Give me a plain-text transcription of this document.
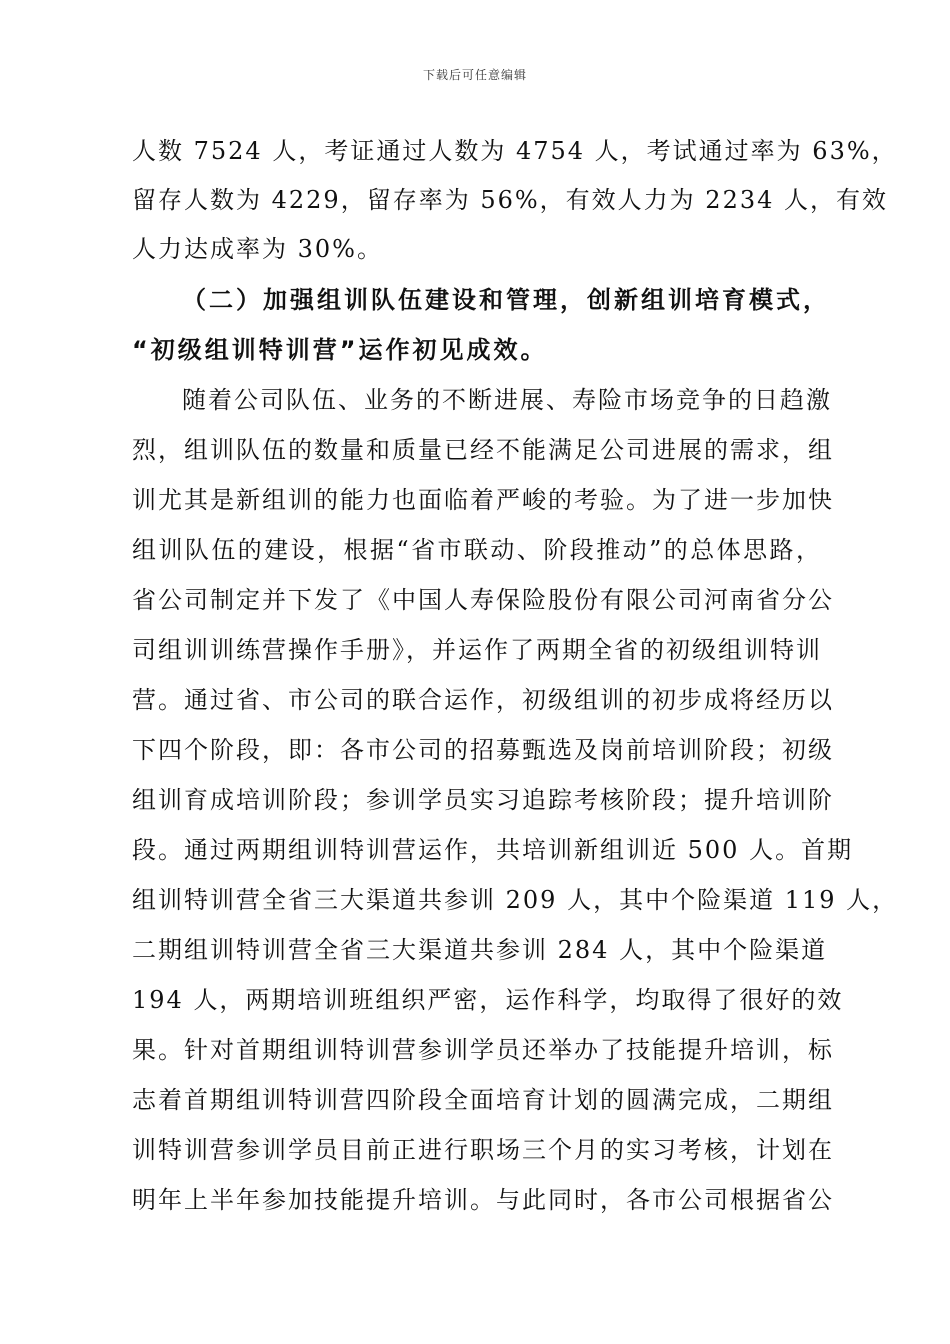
下载后可任意编辑
人数 7524 人，考证通过人数为 4754 人，考试通过率为 63%，
留存人数为 4229，留存率为 56%，有效人力为 2234 人，有效
人力达成率为 30%。
（二）加强组训队伍建设和管理，创新组训培育模式，
“初级组训特训营”运作初见成效。
随着公司队伍、业务的不断进展、寿险市场竞争的日趋激
烈，组训队伍的数量和质量已经不能满足公司进展的需求，组
训尤其是新组训的能力也面临着严峻的考验。为了进一步加快
组训队伍的建设，根据“省市联动、阶段推动”的总体思路，
省公司制定并下发了《中国人寿保险股份有限公司河南省分公
司组训训练营操作手册》，并运作了两期全省的初级组训特训
营。通过省、市公司的联合运作，初级组训的初步成将经历以
下四个阶段，即：各市公司的招募甄选及岗前培训阶段；初级
组训育成培训阶段；参训学员实习追踪考核阶段；提升培训阶
段。通过两期组训特训营运作，共培训新组训近 500 人。首期
组训特训营全省三大渠道共参训 209 人，其中个险渠道 119 人，
二期组训特训营全省三大渠道共参训 284 人，其中个险渠道
194 人，两期培训班组织严密，运作科学，均取得了很好的效
果。针对首期组训特训营参训学员还举办了技能提升培训，标
志着首期组训特训营四阶段全面培育计划的圆满完成，二期组
训特训营参训学员目前正进行职场三个月的实习考核，计划在
明年上半年参加技能提升培训。与此同时，各市公司根据省公
